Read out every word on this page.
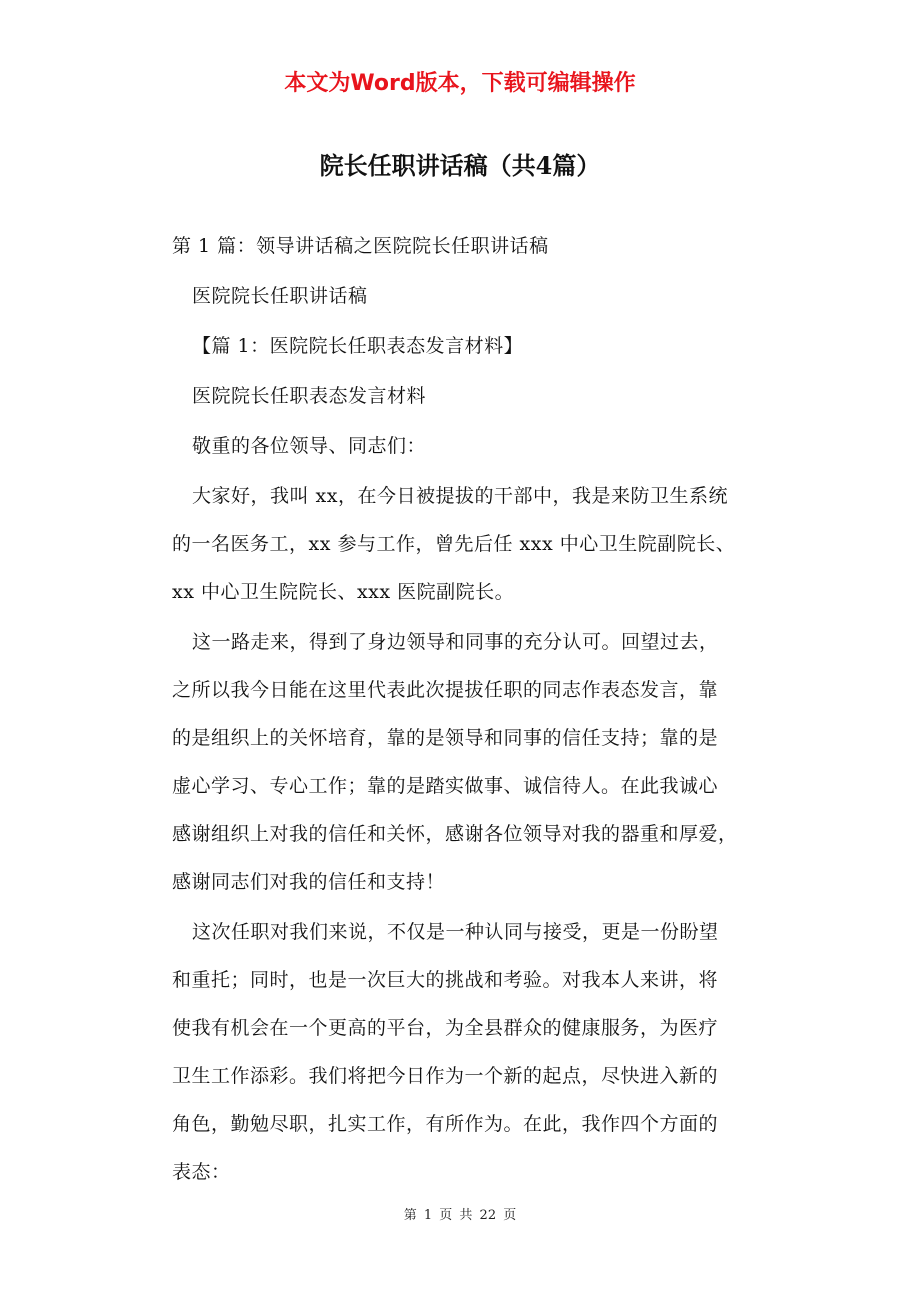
本文为Word版本，下载可编辑操作
院长任职讲话稿（共4篇）

第 1 篇：领导讲话稿之医院院长任职讲话稿

医院院长任职讲话稿

【篇 1：医院院长任职表态发言材料】

医院院长任职表态发言材料

敬重的各位领导、同志们：

大家好，我叫 xx，在今日被提拔的干部中，我是来防卫生系统
的一名医务工，xx 参与工作，曾先后任 xxx 中心卫生院副院长、
xx 中心卫生院院长、xxx 医院副院长。

这一路走来，得到了身边领导和同事的充分认可。回望过去，
之所以我今日能在这里代表此次提拔任职的同志作表态发言，靠
的是组织上的关怀培育，靠的是领导和同事的信任支持；靠的是
虚心学习、专心工作；靠的是踏实做事、诚信待人。在此我诚心
感谢组织上对我的信任和关怀，感谢各位领导对我的器重和厚爱，
感谢同志们对我的信任和支持！

这次任职对我们来说，不仅是一种认同与接受，更是一份盼望
和重托；同时，也是一次巨大的挑战和考验。对我本人来讲，将
使我有机会在一个更高的平台，为全县群众的健康服务，为医疗
卫生工作添彩。我们将把今日作为一个新的起点，尽快进入新的
角色，勤勉尽职，扎实工作，有所作为。在此，我作四个方面的
表态：

第 1 页 共 22 页
